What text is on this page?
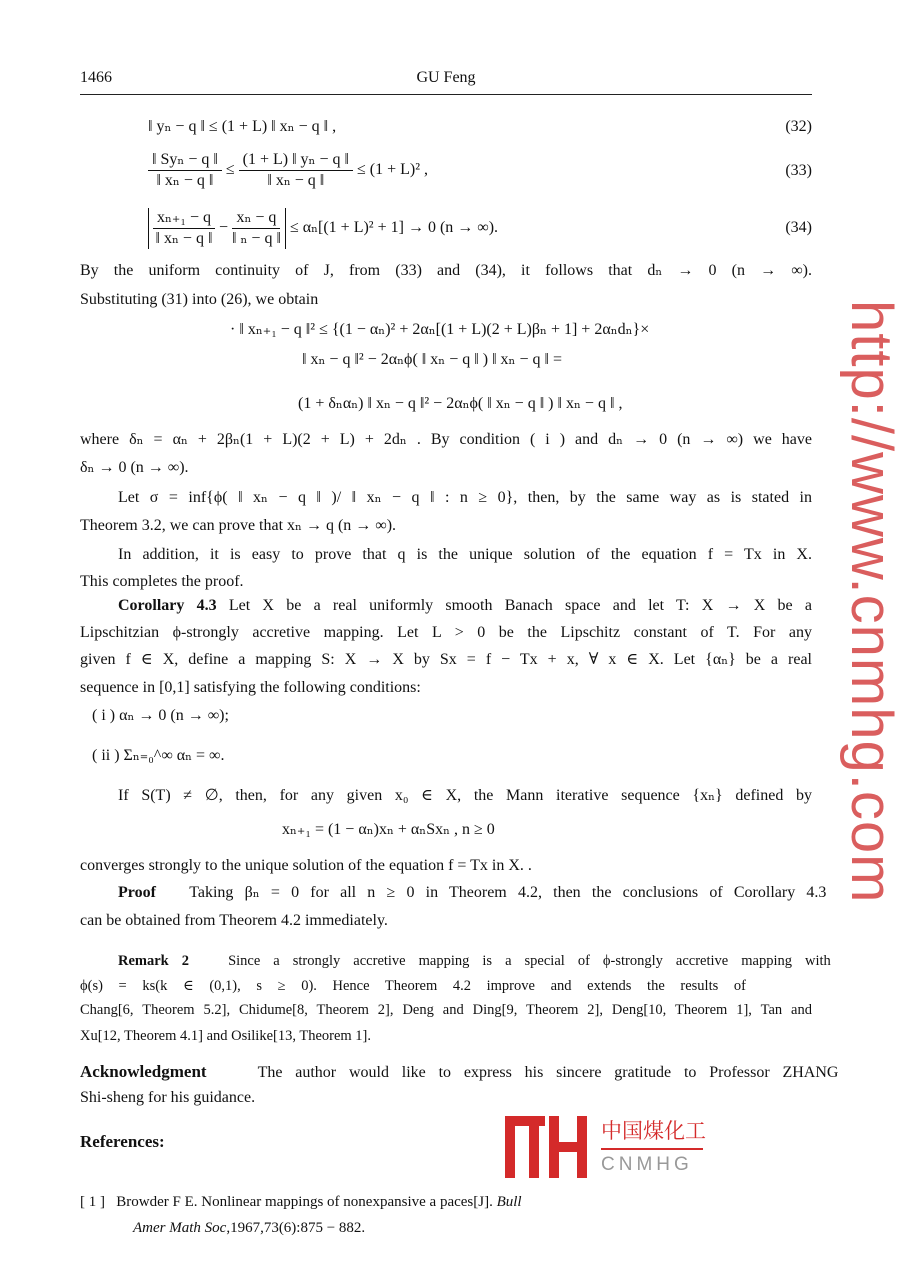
1466	GU Feng
‖ yₙ − q ‖ ≤ (1 + L) ‖ xₙ − q ‖ ,	(32)
$\frac{\text{‖ Syₙ − q ‖}}{\text{‖ xₙ − q ‖}} \le \frac{\text{(1 + L) ‖ yₙ − q ‖}}{\text{‖ xₙ − q ‖}} \le (1 + L)^2$ ,	(33)
$\frac{\text{xₙ₊₁ − q}}{\text{‖ xₙ − q ‖}} - \frac{\text{xₙ − q}}{\text{‖ ₙ − q ‖}} \le \alpha_n[(1 + L)^2 + 1] \to 0$ (n → ∞).	(34)
By the uniform continuity of J, from (33) and (34), it follows that dₙ → 0 (n → ∞).
Substituting (31) into (26), we obtain
· ‖ xₙ₊₁ − q ‖² ≤ {(1 − αₙ)² + 2αₙ[(1 + L)(2 + L)βₙ + 1] + 2αₙdₙ}×
‖ xₙ − q ‖² − 2αₙϕ( ‖ xₙ − q ‖ ) ‖ xₙ − q ‖ =
(1 + δₙαₙ) ‖ xₙ − q ‖² − 2αₙϕ( ‖ xₙ − q ‖ ) ‖ xₙ − q ‖ ,
where δₙ = αₙ + 2βₙ(1 + L)(2 + L) + 2dₙ . By condition ( i ) and dₙ → 0 (n → ∞) we have
δₙ → 0 (n → ∞).
Let σ = inf{ϕ( ‖ xₙ − q ‖ )/ ‖ xₙ − q ‖ : n ≥ 0}, then, by the same way as is stated in
Theorem 3.2, we can prove that xₙ → q (n → ∞).
In addition, it is easy to prove that q is the unique solution of the equation f = Tx in X.
This completes the proof.
Corollary 4.3 Let X be a real uniformly smooth Banach space and let T: X → X be a
Lipschitzian ϕ-strongly accretive mapping. Let L > 0 be the Lipschitz constant of T. For any
given f ∈ X, define a mapping S: X → X by Sx = f − Tx + x, ∀ x ∈ X. Let {αₙ} be a real
sequence in [0,1] satisfying the following conditions:
( i ) αₙ → 0 (n → ∞);
( ii ) Σₙ₌₀^∞ αₙ = ∞.
If S(T) ≠ ∅, then, for any given x₀ ∈ X, the Mann iterative sequence {xₙ} defined by
xₙ₊₁ = (1 − αₙ)xₙ + αₙSxₙ , n ≥ 0
converges strongly to the unique solution of the equation f = Tx in X. .
Proof Taking βₙ = 0 for all n ≥ 0 in Theorem 4.2, then the conclusions of Corollary 4.3
can be obtained from Theorem 4.2 immediately.
Remark 2	Since a strongly accretive mapping is a special of ϕ-strongly accretive mapping with
ϕ(s) = ks(k ∈ (0,1), s ≥ 0). Hence Theorem 4.2 improve and extends the results of
Chang[6, Theorem 5.2], Chidume[8, Theorem 2], Deng and Ding[9, Theorem 2], Deng[10, Theorem 1], Tan and
Xu[12, Theorem 4.1] and Osilike[13, Theorem 1].
Acknowledgment	The author would like to express his sincere gratitude to Professor ZHANG
Shi-sheng for his guidance.
References:
[ 1 ] Browder F E. Nonlinear mappings of nonexpansive a paces[J]. Bull
Amer Math Soc,1967,73(6):875 − 882.
http://www.cnmhg.com
中国煤化工
CNMHG
